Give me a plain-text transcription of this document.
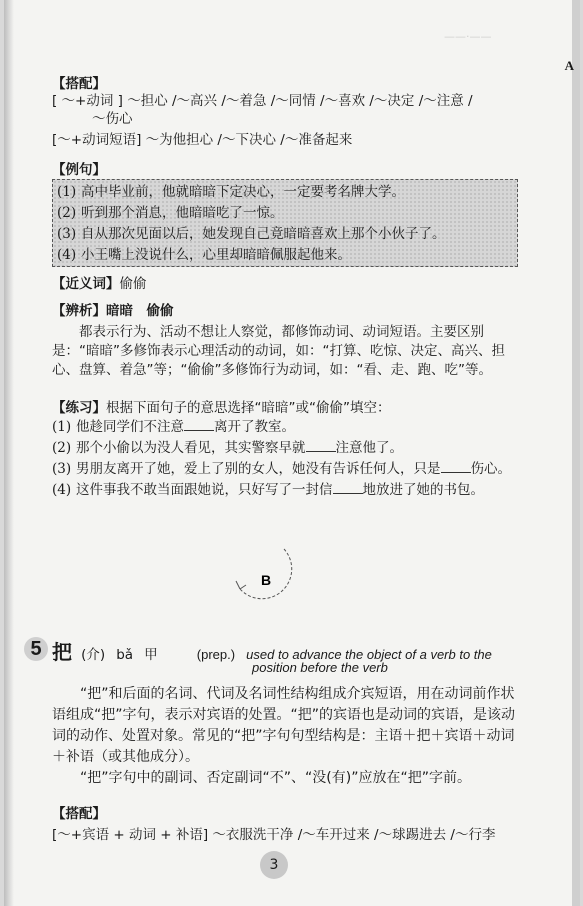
A
——·——
【搭配】
[ ～+动词 ] ～担心 /～高兴 /～着急 /～同情 /～喜欢 /～决定 /～注意 /
～伤心
[～+动词短语] ～为他担心 /～下决心 /～准备起来
【例句】
(1) 高中毕业前，他就暗暗下定决心，一定要考名牌大学。
(2) 听到那个消息，他暗暗吃了一惊。
(3) 自从那次见面以后，她发现自己竟暗暗喜欢上那个小伙子了。
(4) 小王嘴上没说什么，心里却暗暗佩服起他来。
【近义词】偷偷
【辨析】暗暗　偷偷
都表示行为、活动不想让人察觉，都修饰动词、动词短语。主要区别是：“暗暗”多修饰表示心理活动的动词，如：“打算、吃惊、决定、高兴、担心、盘算、着急”等；“偷偷”多修饰行为动词，如：“看、走、跑、吃”等。
【练习】根据下面句子的意思选择“暗暗”或“偷偷”填空：
(1) 他趁同学们不注意 离开了教室。
(2) 那个小偷以为没人看见，其实警察早就 注意他了。
(3) 男朋友离开了她，爱上了别的女人，她没有告诉任何人，只是 伤心。
(4) 这件事我不敢当面跟她说，只好写了一封信 地放进了她的书包。
B
5 把 (介) bǎ 甲	(prep.) used to advance the object of a verb to the
position before the verb
“把”和后面的名词、代词及名词性结构组成介宾短语，用在动词前作状语组成“把”字句，表示对宾语的处置。“把”的宾语也是动词的宾语，是该动词的动作、处置对象。常见的“把”字句句型结构是：主语＋把＋宾语＋动词＋补语（或其他成分）。
“把”字句中的副词、否定副词“不”、“没(有)”应放在“把”字前。
【搭配】
[～+宾语 + 动词 + 补语] ～衣服洗干净 /～车开过来 /～球踢进去 /～行李
3
